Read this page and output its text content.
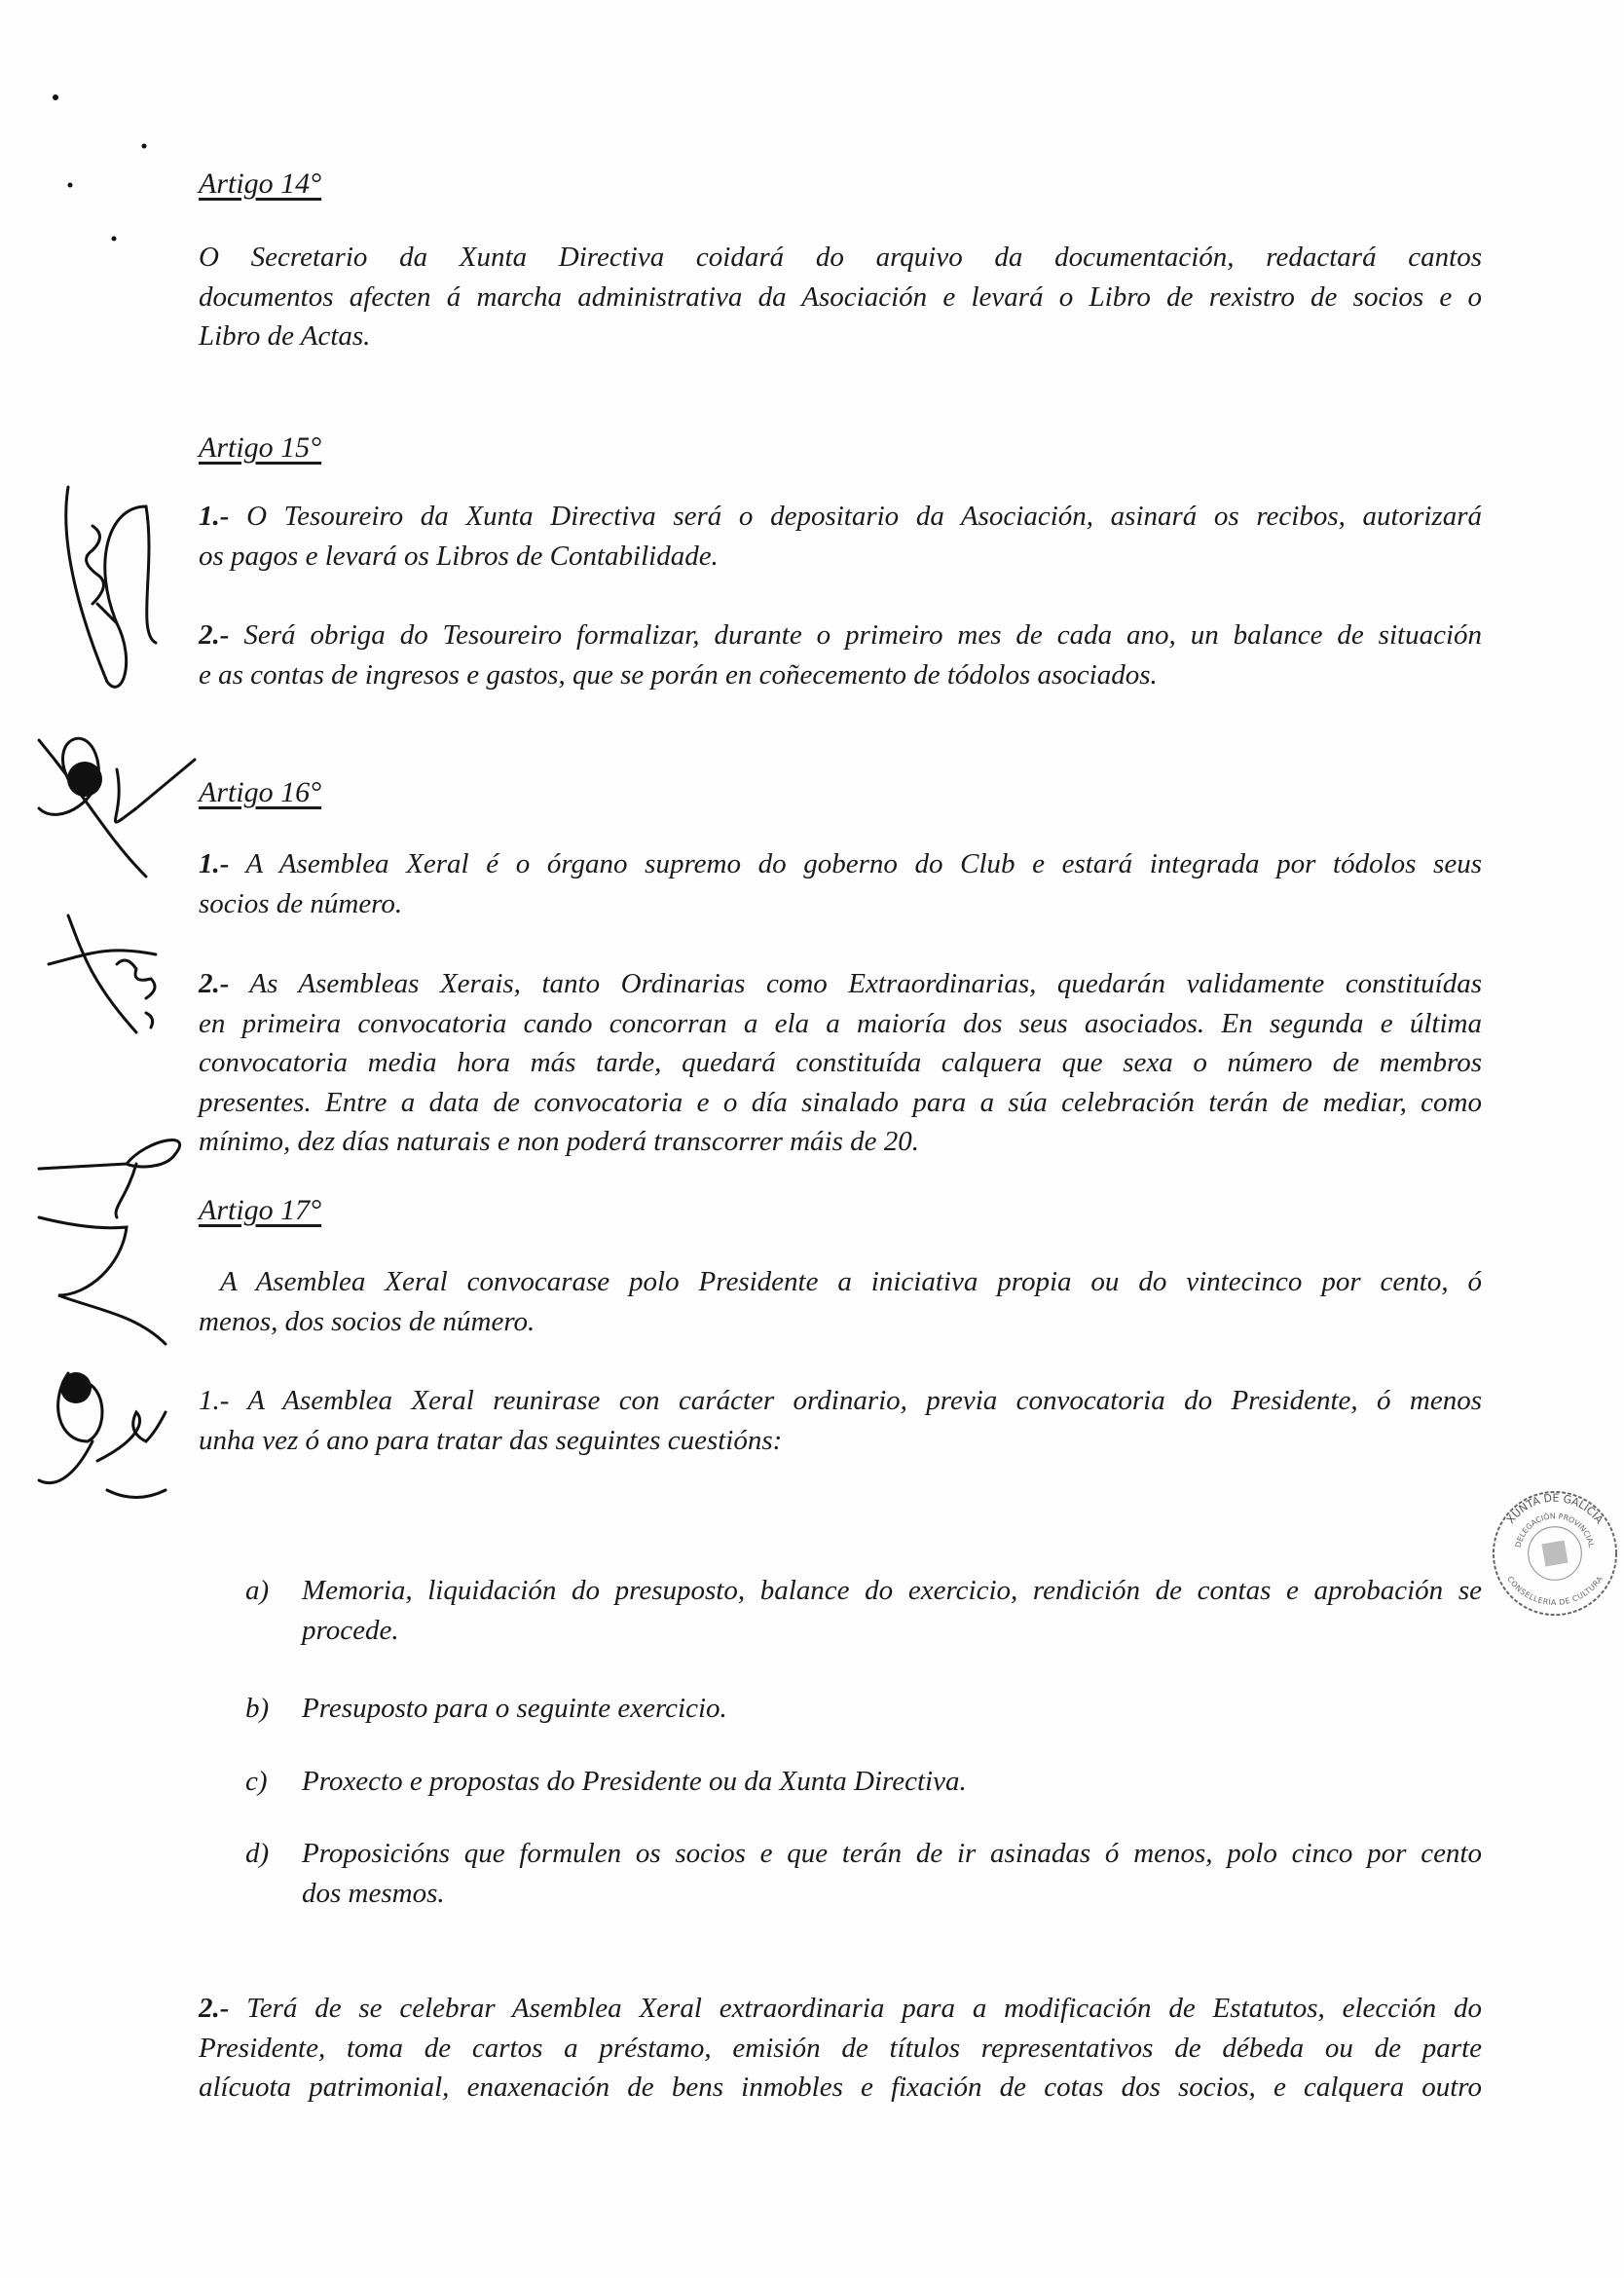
Artigo 14°
O Secretario da Xunta Directiva coidará do arquivo da documentación, redactará cantos
documentos afecten á marcha administrativa da Asociación e levará o Libro de rexistro de socios e o
Libro de Actas.
Artigo 15°
1.- O Tesoureiro da Xunta Directiva será o depositario da Asociación, asinará os recibos, autorizará
os pagos e levará os Libros de Contabilidade.
2.- Será obriga do Tesoureiro formalizar, durante o primeiro mes de cada ano, un balance de situación
e as contas de ingresos e gastos, que se porán en coñecemento de tódolos asociados.
Artigo 16°
1.- A Asemblea Xeral é o órgano supremo do goberno do Club e estará integrada por tódolos seus
socios de número.
2.- As Asembleas Xerais, tanto Ordinarias como Extraordinarias, quedarán validamente constituídas
en primeira convocatoria cando concorran a ela a maioría dos seus asociados. En segunda e última
convocatoria media hora más tarde, quedará constituída calquera que sexa o número de membros
presentes. Entre a data de convocatoria e o día sinalado para a súa celebración terán de mediar, como
mínimo, dez días naturais e non poderá transcorrer máis de 20.
Artigo 17°
A Asemblea Xeral convocarase polo Presidente a iniciativa propia ou do vintecinco por cento, ó
menos, dos socios de número.
1.- A Asemblea Xeral reunirase con carácter ordinario, previa convocatoria do Presidente, ó menos
unha vez ó ano para tratar das seguintes cuestións:
a) Memoria, liquidación do presuposto, balance do exercicio, rendición de contas e aprobación se
procede.
b) Presuposto para o seguinte exercicio.
c) Proxecto e propostas do Presidente ou da Xunta Directiva.
d) Proposicións que formulen os socios e que terán de ir asinadas ó menos, polo cinco por cento
dos mesmos.
2.- Terá de se celebrar Asemblea Xeral extraordinaria para a modificación de Estatutos, elección do
Presidente, toma de cartos a préstamo, emisión de títulos representativos de débeda ou de parte
alícuota patrimonial, enaxenación de bens inmobles e fixación de cotas dos socios, e calquera outro
XUNTA DE GALICIA
DELEGACIÓN PROVINCIAL
CONSELLERÍA DE CULTURA
